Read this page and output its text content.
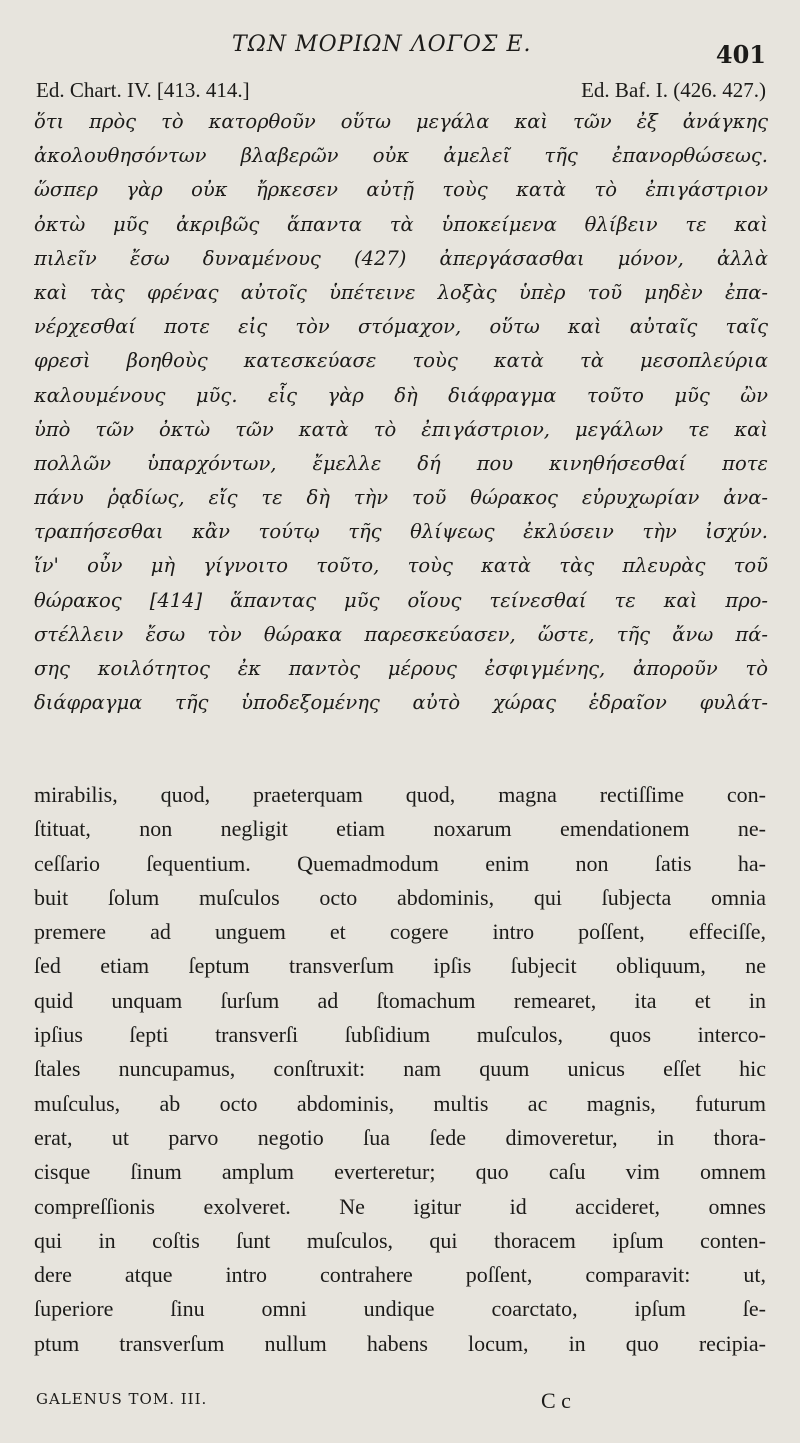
ΤΩΝ ΜΟΡΙΩΝ ΛΟΓΟΣ Ε.	401
Ed. Chart. IV. [413. 414.]	Ed. Baf. I. (426. 427.)
ὅτι πρὸς τὸ κατορθοῦν οὕτω μεγάλα καὶ τῶν ἐξ ἀνάγκης
ἀκολουθησόντων βλαβερῶν οὐκ ἀμελεῖ τῆς ἐπανορθώσεως.
ὥσπερ γὰρ οὐκ ἤρκεσεν αὐτῇ τοὺς κατὰ τὸ ἐπιγάστριον
ὀκτὼ μῦς ἀκριβῶς ἅπαντα τὰ ὑποκείμενα θλίβειν τε καὶ
πιλεῖν ἔσω δυναμένους (427) ἀπεργάσασθαι μόνον, ἀλλὰ
καὶ τὰς φρένας αὐτοῖς ὑπέτεινε λοξὰς ὑπὲρ τοῦ μηδὲν ἐπα-
νέρχεσθαί ποτε εἰς τὸν στόμαχον, οὕτω καὶ αὐταῖς ταῖς
φρεσὶ βοηθοὺς κατεσκεύασε τοὺς κατὰ τὰ μεσοπλεύρια
καλουμένους μῦς. εἷς γὰρ δὴ διάφραγμα τοῦτο μῦς ὢν
ὑπὸ τῶν ὀκτὼ τῶν κατὰ τὸ ἐπιγάστριον, μεγάλων τε καὶ
πολλῶν ὑπαρχόντων, ἔμελλε δή που κινηθήσεσθαί ποτε
πάνυ ῥᾳδίως, εἴς τε δὴ τὴν τοῦ θώρακος εὐρυχωρίαν ἀνα-
τραπήσεσθαι κἂν τούτῳ τῆς θλίψεως ἐκλύσειν τὴν ἰσχύν.
ἵν' οὖν μὴ γίγνοιτο τοῦτο, τοὺς κατὰ τὰς πλευρὰς τοῦ
θώρακος [414] ἅπαντας μῦς οἵους τείνεσθαί τε καὶ προ-
στέλλειν ἔσω τὸν θώρακα παρεσκεύασεν, ὥστε, τῆς ἄνω πά-
σης κοιλότητος ἐκ παντὸς μέρους ἐσφιγμένης, ἀποροῦν τὸ
διάφραγμα τῆς ὑποδεξομένης αὐτὸ χώρας ἑδραῖον φυλάτ-
mirabilis, quod, praeterquam quod, magna rectiſſime con-
ſtituat, non negligit etiam noxarum emendationem ne-
ceſſario ſequentium. Quemadmodum enim non ſatis ha-
buit ſolum muſculos octo abdominis, qui ſubjecta omnia
premere ad unguem et cogere intro poſſent, effeciſſe,
ſed etiam ſeptum transverſum ipſis ſubjecit obliquum, ne
quid unquam ſurſum ad ſtomachum remearet, ita et in
ipſius ſepti transverſi ſubſidium muſculos, quos interco-
ſtales nuncupamus, conſtruxit: nam quum unicus eſſet hic
muſculus, ab octo abdominis, multis ac magnis, futurum
erat, ut parvo negotio ſua ſede dimoveretur, in thora-
cisque ſinum amplum everteretur; quo caſu vim omnem
compreſſionis exolveret. Ne igitur id accideret, omnes
qui in coſtis ſunt muſculos, qui thoracem ipſum conten-
dere atque intro contrahere poſſent, comparavit: ut,
ſuperiore ſinu omni undique coarctato, ipſum ſe-
ptum transverſum nullum habens locum, in quo recipia-
GALENUS TOM. III.	C c
